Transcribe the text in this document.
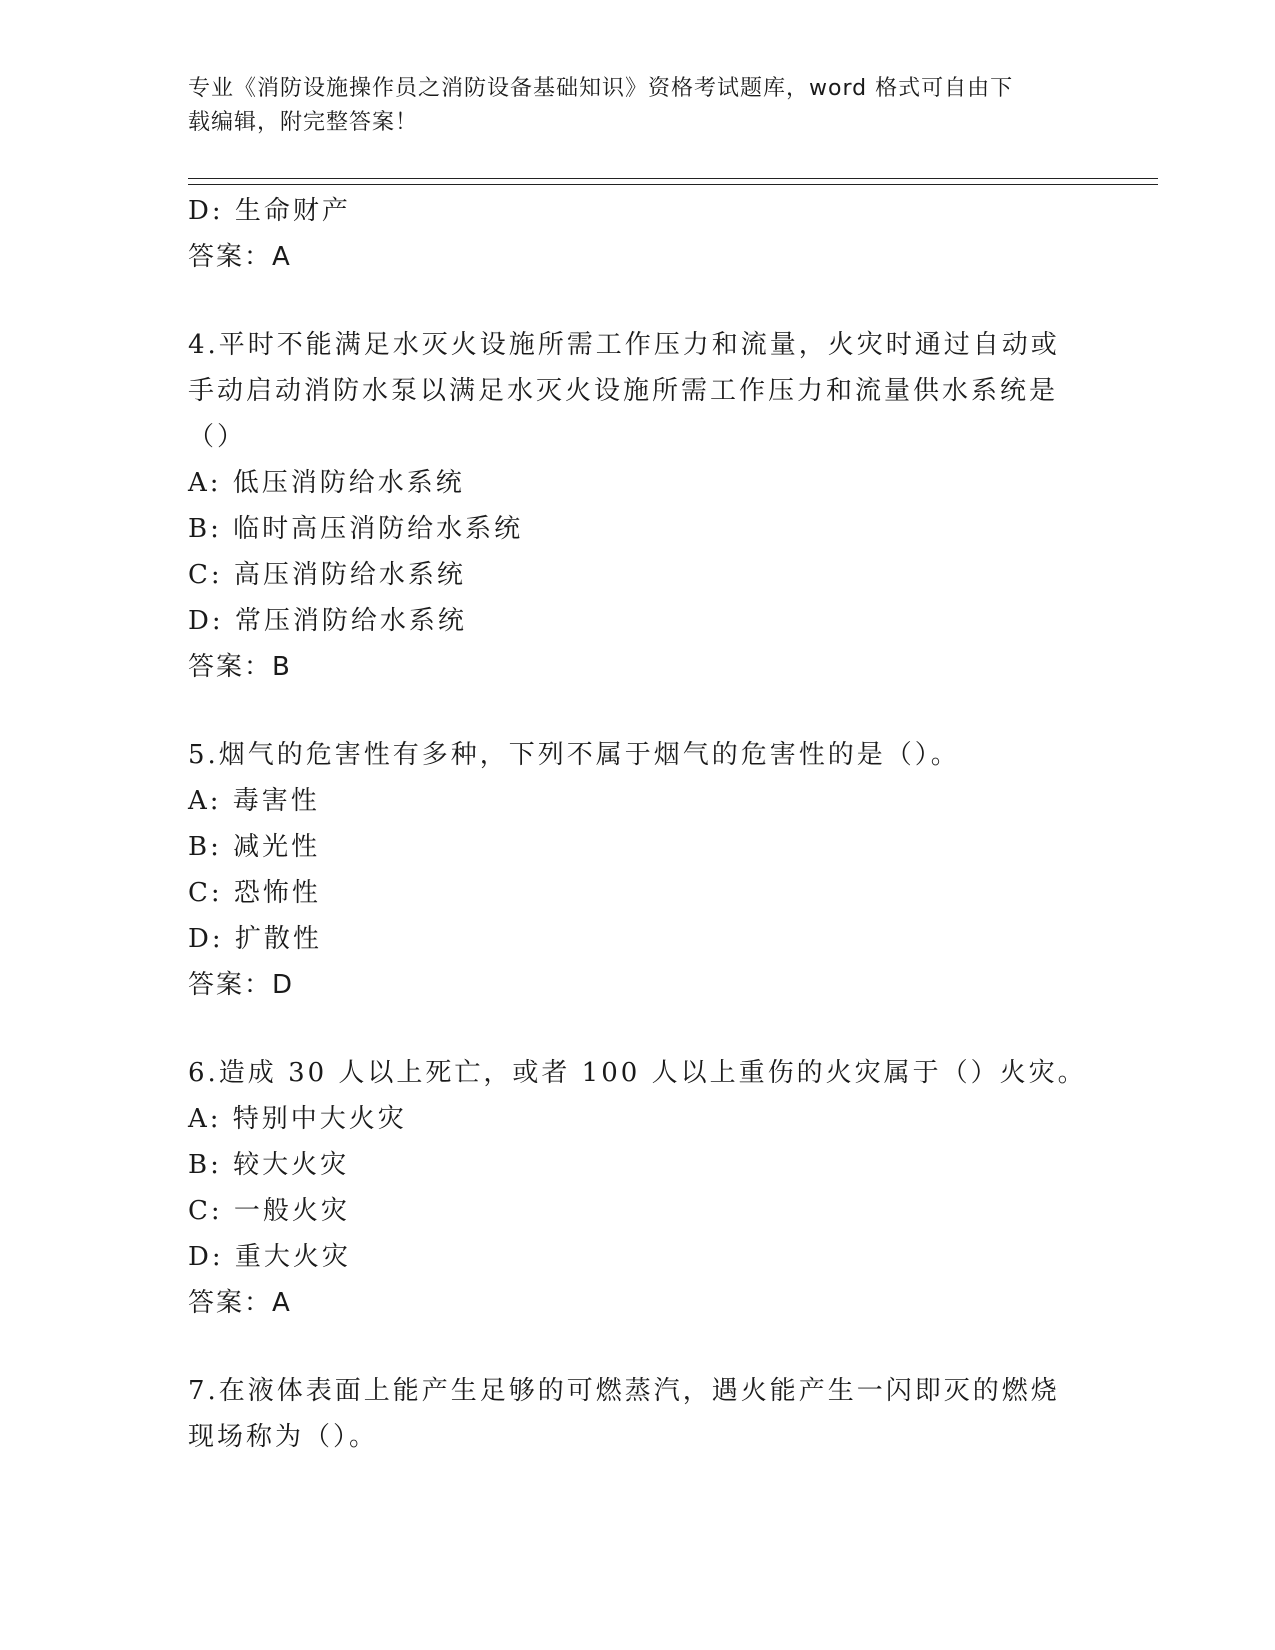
专业《消防设施操作员之消防设备基础知识》资格考试题库，word 格式可自由下
载编辑，附完整答案！
D: 生命财产
答案：A
4.平时不能满足水灭火设施所需工作压力和流量，火灾时通过自动或
手动启动消防水泵以满足水灭火设施所需工作压力和流量供水系统是
（）
A: 低压消防给水系统
B: 临时高压消防给水系统
C: 高压消防给水系统
D: 常压消防给水系统
答案：B
5.烟气的危害性有多种，下列不属于烟气的危害性的是（）。
A: 毒害性
B: 减光性
C: 恐怖性
D: 扩散性
答案：D
6.造成 30 人以上死亡，或者 100 人以上重伤的火灾属于（）火灾。
A: 特别中大火灾
B: 较大火灾
C: 一般火灾
D: 重大火灾
答案：A
7.在液体表面上能产生足够的可燃蒸汽，遇火能产生一闪即灭的燃烧
现场称为（）。
